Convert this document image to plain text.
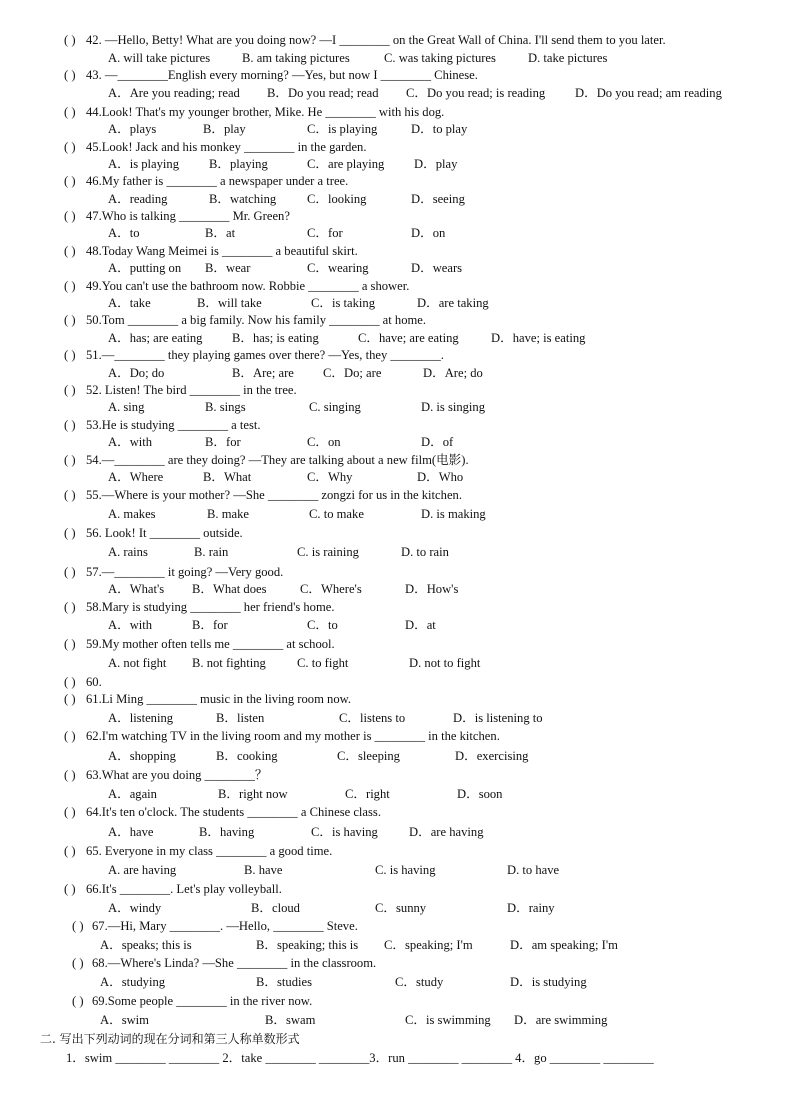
( ) 42. —Hello, Betty! What are you doing now? —I ________ on the Great Wall of China. I'll send them to you later.
A. will take pictures	B. am taking pictures	C. was taking pictures	D. take pictures
( ) 43. —________English every morning? —Yes, but now I ________ Chinese.
A．Are you reading; read B．Do you read; read C．Do you read; is reading D．Do you read; am reading
( ) 44.Look! That's my younger brother, Mike. He ________ with his dog.
A．plays	B．play	C．is playing	D．to play
( ) 45.Look! Jack and his monkey ________ in the garden.
A．is playing B．playing	C．are playing D．play
( ) 46.My father is ________ a newspaper under a tree.
A．reading	B．watching C．looking	D．seeing
( ) 47.Who is talking ________ Mr. Green?
A．to	B．at	C．for	D．on
( ) 48.Today Wang Meimei is ________ a beautiful skirt.
A．putting on B．wear	C．wearing	D．wears
( ) 49.You can't use the bathroom now. Robbie ________ a shower.
A．take	B．will take	C．is taking	D．are taking
( ) 50.Tom ________ a big family. Now his family ________ at home.
A．has; are eating B．has; is eating	C．have; are eating	D．have; is eating
( ) 51.—________ they playing games over there? —Yes, they ________.
A．Do; do	B．Are; are C．Do; are	D．Are; do
( ) 52. Listen! The bird ________ in the tree.
A. sing	B. sings	C. singing	D. is singing
( ) 53.He is studying ________ a test.
A．with	B．for	C．on	D．of
( ) 54.—________ are they doing? —They are talking about a new film(电影).
A．Where	B．What	C．Why	D．Who
( ) 55.—Where is your mother? —She ________ zongzi for us in the kitchen.
A. makes	B. make	C. to make	D. is making
( ) 56. Look! It ________ outside.
A. rains	B. rain	C. is raining	D. to rain
( ) 57.—________ it going? —Very good.
A．What's B．What does	C．Where's	D．How's
( ) 58.Mary is studying ________ her friend's home.
A．with	B．for	C．to	D．at
( ) 59.My mother often tells me ________ at school.
A. not fight B. not fighting C. to fight	D. not to fight
( ) 60.
( ) 61.Li Ming ________ music in the living room now.
A．listening	B．listen	C．listens to	D．is listening to
( ) 62.I'm watching TV in the living room and my mother is ________ in the kitchen.
A．shopping	B．cooking	C．sleeping	D．exercising
( ) 63.What are you doing ________？
A．again	B．right now	C．right	D．soon
( ) 64.It's ten o'clock. The students ________ a Chinese class.
A．have	B．having	C．is having D．are having
( ) 65. Everyone in my class ________ a good time.
A. are having	B. have	C. is having	D. to have
( ) 66.It's ________. Let's play volleyball.
A．windy	B．cloud	C．sunny	D．rainy
( ) 67.—Hi, Mary ________. —Hello, ________ Steve.
A．speaks; this is	B．speaking; this is C．speaking; I'm	D．am speaking; I'm
( ) 68.—Where's Linda? —She ________ in the classroom.
A．studying	B．studies	C．study	D．is studying
( ) 69.Some people ________ in the river now.
A．swim	B．swam	C．is swimming D．are swimming
二. 写出下列动词的现在分词和第三人称单数形式
1．swim ________ ________ 2．take ________ ________3．run ________ ________ 4．go ________ ________
